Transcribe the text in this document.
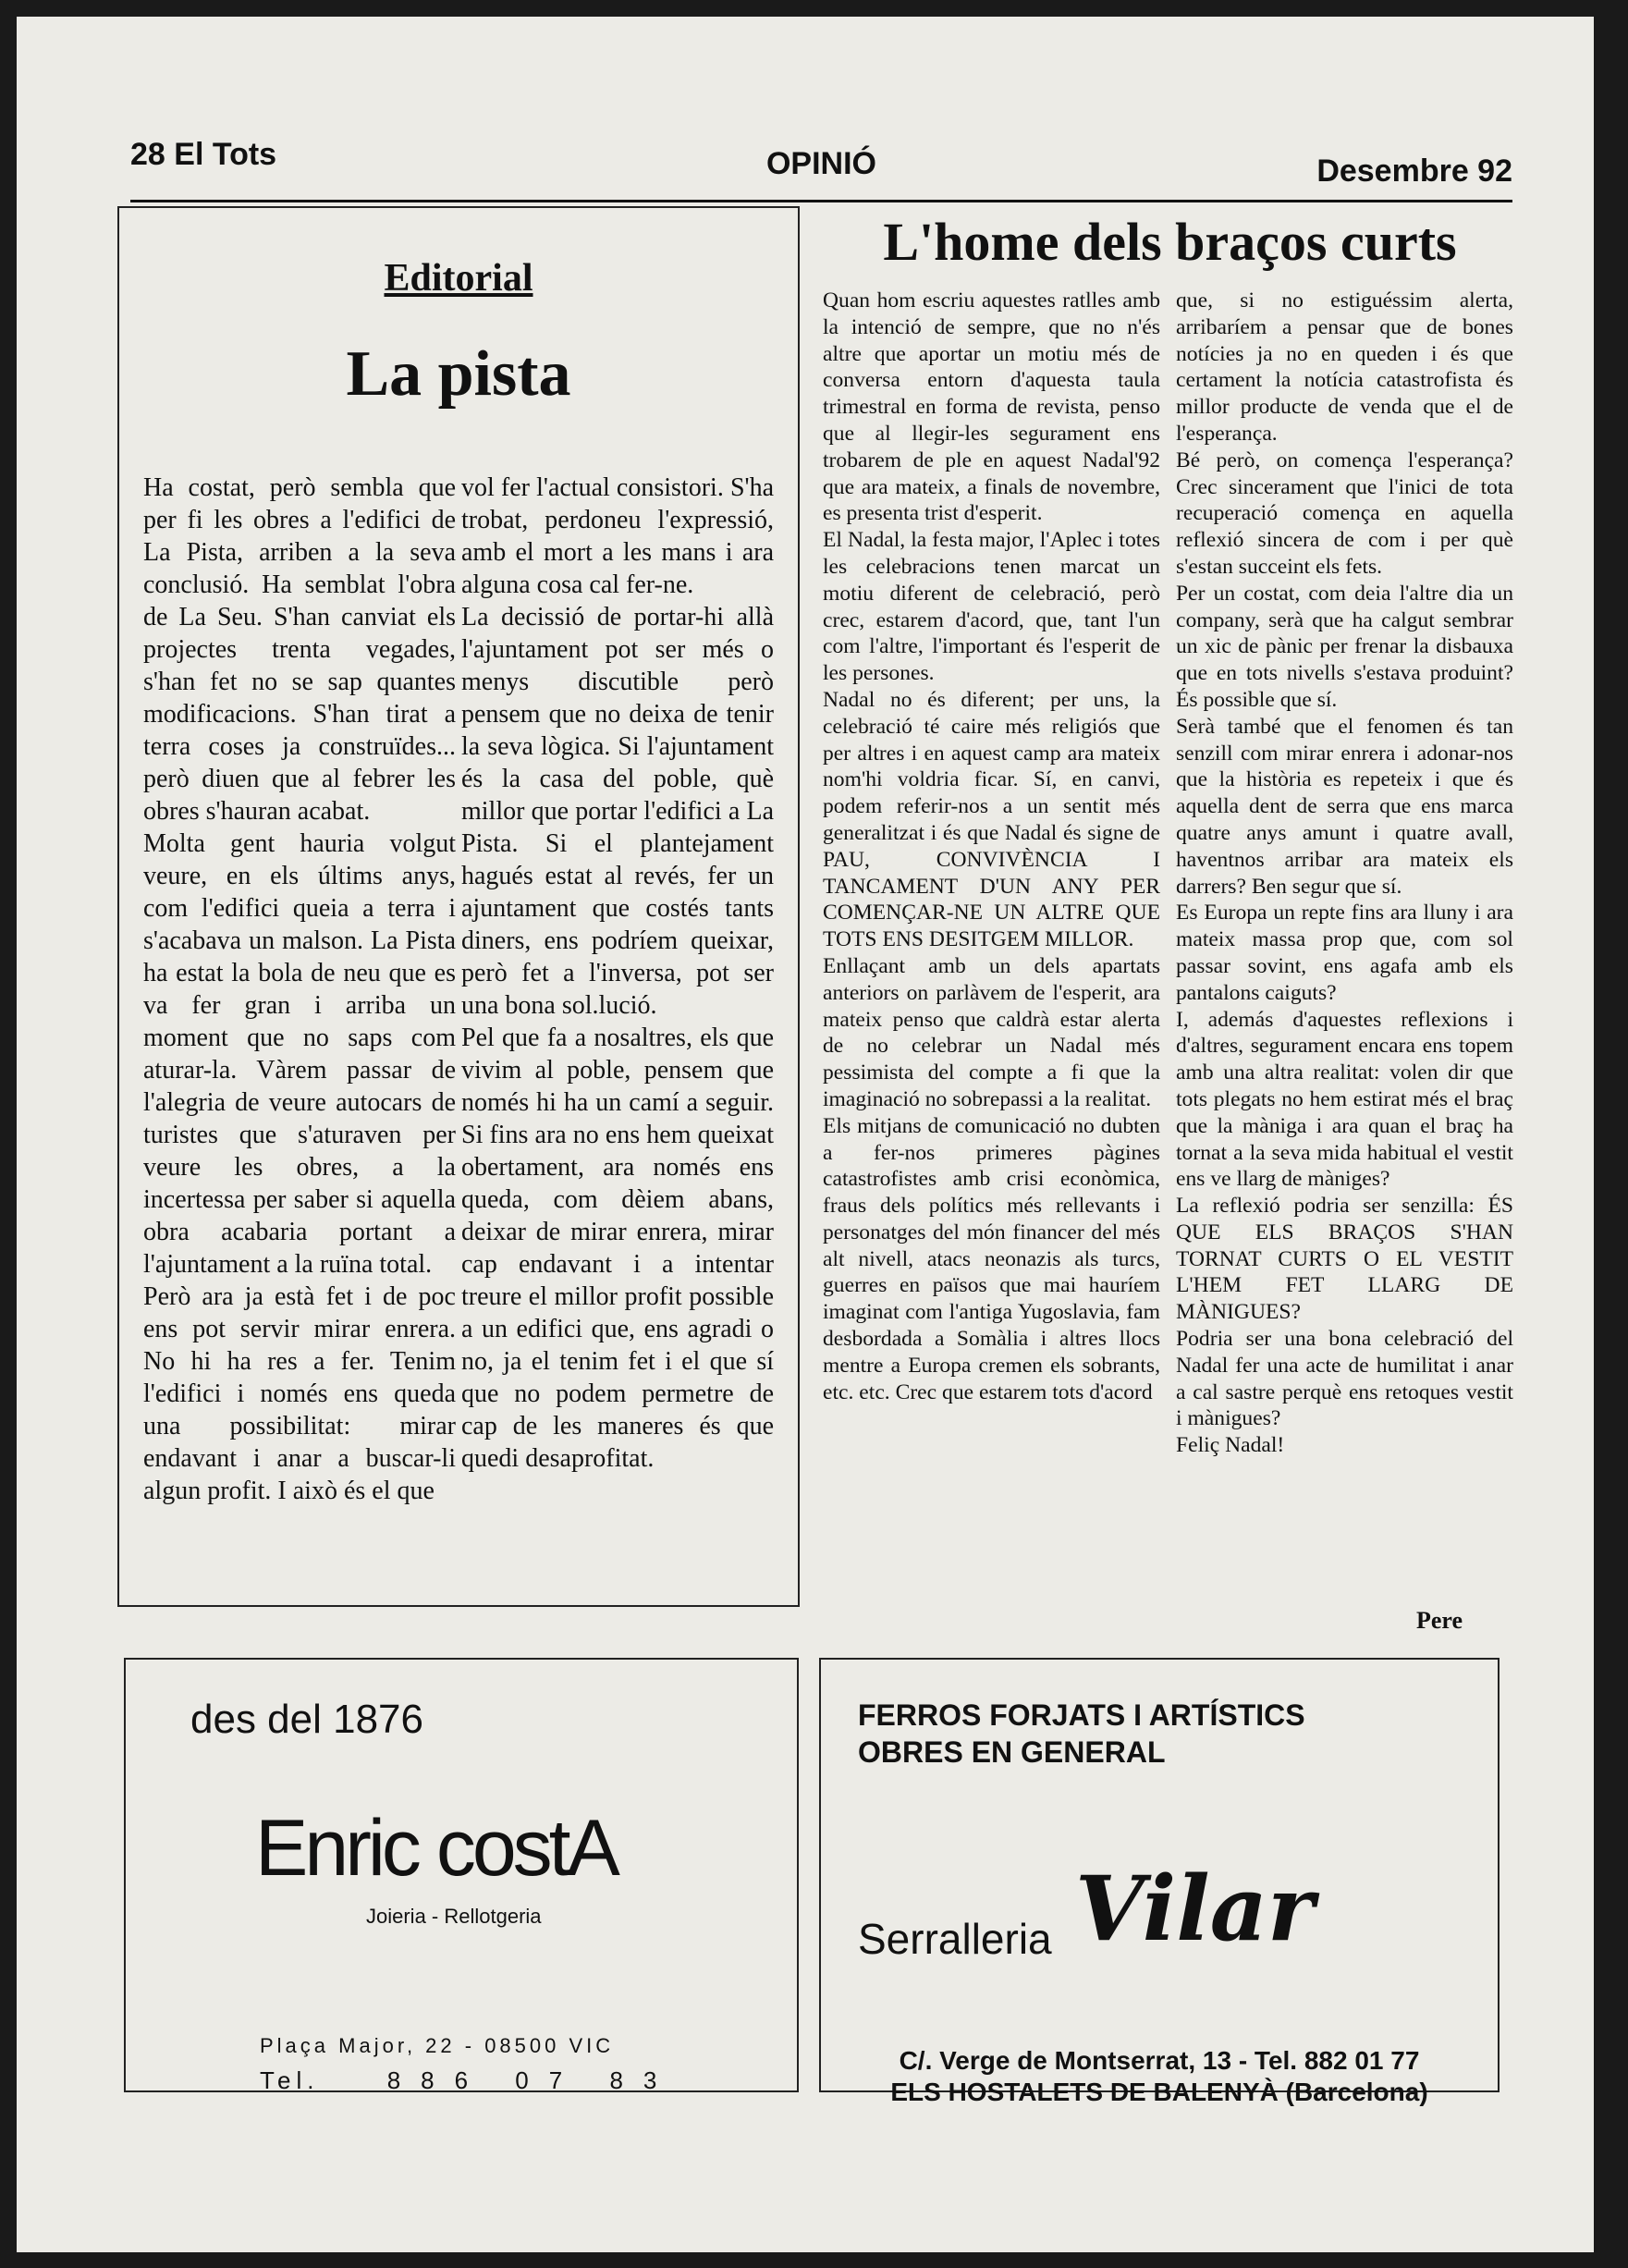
28 El Tots	OPINIÓ	Desembre 92
Editorial
La pista

Ha costat, però sembla que per fi les obres a l'edifici de La Pista, arriben a la seva conclusió. Ha semblat l'obra de La Seu. S'han canviat els projectes trenta vegades, s'han fet no se sap quantes modificacions. S'han tirat a terra coses ja construïdes... però diuen que al febrer les obres s'hauran acabat.

Molta gent hauria volgut veure, en els últims anys, com l'edifici queia a terra i s'acabava un malson. La Pista ha estat la bola de neu que es va fer gran i arriba un moment que no saps com aturar-la. Vàrem passar de l'alegria de veure autocars de turistes que s'aturaven per veure les obres, a la incertessa per saber si aquella obra acabaria portant a l'ajuntament a la ruïna total.

Però ara ja està fet i de poc ens pot servir mirar enrera. No hi ha res a fer. Tenim l'edifici i només ens queda una possibilitat: mirar endavant i anar a buscar-li algun profit. I això és el que

vol fer l'actual consistori. S'ha trobat, perdoneu l'expressió, amb el mort a les mans i ara alguna cosa cal fer-ne.

La decissió de portar-hi allà l'ajuntament pot ser més o menys discutible però pensem que no deixa de tenir la seva lògica. Si l'ajuntament és la casa del poble, què millor que portar l'edifici a La Pista. Si el plantejament hagués estat al revés, fer un ajuntament que costés tants diners, ens podríem queixar, però fet a l'inversa, pot ser una bona sol.lució.

Pel que fa a nosaltres, els que vivim al poble, pensem que només hi ha un camí a seguir. Si fins ara no ens hem queixat obertament, ara només ens queda, com dèiem abans, deixar de mirar enrera, mirar cap endavant i a intentar treure el millor profit possible a un edifici que, ens agradi o no, ja el tenim fet i el que sí que no podem permetre de cap de les maneres és que quedi desaprofitat.

L'home dels braços curts

Quan hom escriu aquestes ratlles amb la intenció de sempre, que no n'és altre que aportar un motiu més de conversa entorn d'aquesta taula trimestral en forma de revista, penso que al llegir-les segurament ens trobarem de ple en aquest Nadal'92 que ara mateix, a finals de novembre, es presenta trist d'esperit.

El Nadal, la festa major, l'Aplec i totes les celebracions tenen marcat un motiu diferent de celebració, però crec, estarem d'acord, que, tant l'un com l'altre, l'important és l'esperit de les persones.

Nadal no és diferent; per uns, la celebració té caire més religiós que per altres i en aquest camp ara mateix nom'hi voldria ficar. Sí, en canvi, podem referir-nos a un sentit més generalitzat i és que Nadal és signe de PAU, CONVIVÈNCIA I TANCAMENT D'UN ANY PER COMENÇAR-NE UN ALTRE QUE TOTS ENS DESITGEM MILLOR.

Enllaçant amb un dels apartats anteriors on parlàvem de l'esperit, ara mateix penso que caldrà estar alerta de no celebrar un Nadal més pessimista del compte a fi que la imaginació no sobrepassi a la realitat.

Els mitjans de comunicació no dubten a fer-nos primeres pàgines catastrofistes amb crisi econòmica, fraus dels polítics més rellevants i personatges del món financer del més alt nivell, atacs neonazis als turcs, guerres en països que mai hauríem imaginat com l'antiga Yugoslavia, fam desbordada a Somàlia i altres llocs mentre a Europa cremen els sobrants, etc. etc. Crec que estarem tots d'acord

que, si no estiguéssim alerta, arribaríem a pensar que de bones notícies ja no en queden i és que certament la notícia catastrofista és millor producte de venda que el de l'esperança.

Bé però, on comença l'esperança? Crec sincerament que l'inici de tota recuperació comença en aquella reflexió sincera de com i per què s'estan succeint els fets.

Per un costat, com deia l'altre dia un company, serà que ha calgut sembrar un xic de pànic per frenar la disbauxa que en tots nivells s'estava produint? És possible que sí.

Serà també que el fenomen és tan senzill com mirar enrera i adonar-nos que la història es repeteix i que és aquella dent de serra que ens marca quatre anys amunt i quatre avall, haventnos arribar ara mateix els darrers? Ben segur que sí.

Es Europa un repte fins ara lluny i ara mateix massa prop que, com sol passar sovint, ens agafa amb els pantalons caiguts?

I, además d'aquestes reflexions i d'altres, segurament encara ens topem amb una altra realitat: volen dir que tots plegats no hem estirat més el braç que la màniga i ara quan el braç ha tornat a la seva mida habitual el vestit ens ve llarg de màniges?

La reflexió podria ser senzilla: ÉS QUE ELS BRAÇOS S'HAN TORNAT CURTS O EL VESTIT L'HEM FET LLARG DE MÀNIGUES?

Podria ser una bona celebració del Nadal fer una acte de humilitat i anar a cal sastre perquè ens retoques vestit i mànigues?

Feliç Nadal!

Pere
des del 1876
Enric costA
Joieria - Rellotgeria
Plaça Major, 22 - 08500 VIC
Tel.	886 07 83
FERROS FORJATS I ARTÍSTICS
OBRES EN GENERAL
Serralleria Vilar
C/. Verge de Montserrat, 13 - Tel. 882 01 77
ELS HOSTALETS DE BALENYÀ (Barcelona)
